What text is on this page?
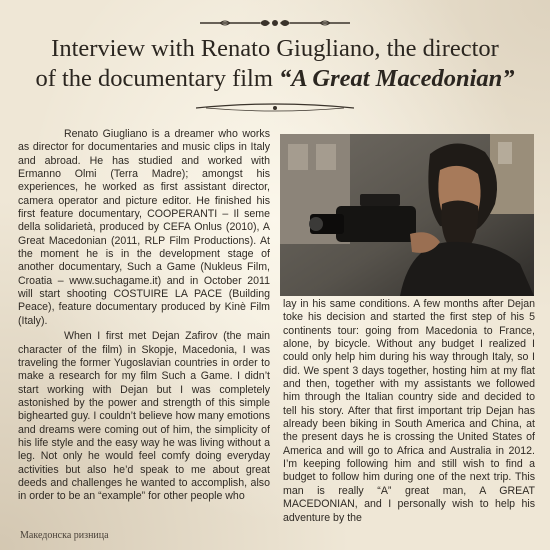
Interview with Renato Giugliano, the director
of the documentary film “A Great Macedonian”

Renato Giugliano is a dreamer who works as director for documentaries and music clips in Italy and abroad. He has studied and worked with Ermanno Olmi (Terra Madre); amongst his experiences, he worked as first assistant director, camera operator and picture editor. He finished his first feature documentary, COOPERANTI – Il seme della solidarietà, produced by CEFA Onlus (2010), A Great Macedonian (2011, RLP Film Productions). At the moment he is in the development stage of another documentary, Such a Game (Nukleus Film, Croatia – www.suchagame.it) and in October 2011 will start shooting COSTUIRE LA PACE (Building Peace), feature documentary produced by Kinè Film (Italy).

When I first met Dejan Zafirov (the main character of the film) in Skopje, Macedonia, I was traveling the former Yugoslavian countries in order to make a research for my film Such a Game. I didn’t start working with Dejan but I was completely astonished by the power and strength of this simple bighearted guy. I couldn’t believe how many emotions and dreams were coming out of him, the simplicity of his life style and the easy way he was living without a leg. Not only he would feel comfy doing everyday activities but also he’d speak to me about great deeds and challenges he wanted to accomplish, also in order to be an “example” for other people who

lay in his same conditions. A few months after Dejan toke his decision and started the first step of his 5 continents tour: going from Macedonia to France, alone, by bicycle. Without any budget I realized I could only help him during his way through Italy, so I did. We spent 3 days together, hosting him at my flat and then, together with my assistants we followed him through the Italian country side and decided to tell his story. After that first important trip Dejan has already been biking in South America and China, at the present days he is crossing the United States of America and will go to Africa and Australia in 2012. I’m keeping following him and still wish to find a budget to follow him during one of the next trip. This man is really “A” great man, A GREAT MACEDONIAN, and I personally wish to help his adventure by the

Македонска ризница
